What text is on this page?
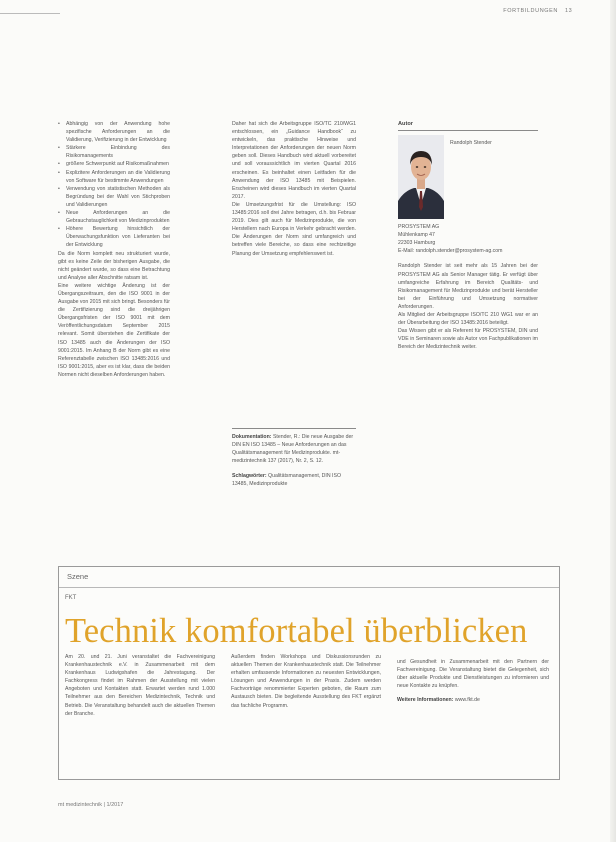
FORTBILDUNGEN 13
• Abhängig von der Anwendung hohe spezifische Anforderungen an die Validierung, Verifizierung in der Entwicklung
• Stärkere Einbindung des Risikomanagements
• größere Schwerpunkt auf Risikomaßnahmen
• Explizitere Anforderungen an die Validierung von Software für bestimmte Anwendungen
• Verwendung von statistischen Methoden als Begründung bei der Wahl von Stichproben und Validierungen
• Neue Anforderungen an die Gebrauchstauglichkeit von Medizinprodukten
• Höhere Bewertung hinsichtlich der Überwachungsfunktion von Lieferanten bei der Entwicklung

Da die Norm komplett neu strukturiert wurde, gibt es keine Zeile der bisherigen Ausgabe, die nicht geändert wurde, so dass eine Betrachtung und Analyse aller Abschnitte ratsam ist.

Eine weitere wichtige Änderung ist der Übergangszeitraum, den die ISO 9001 in der Ausgabe von 2015 mit sich bringt. Besonders für die Zertifizierung sind die dreijährigen Übergangsfristen der ISO 9001 mit dem Veröffentlichungsdatum September 2015 relevant. Somit überstehen die Zertifikate der ISO 13485 auch die Änderungen der ISO 9001:2015. Im Anhang B der Norm gibt es eine Referenztabelle zwischen ISO 13485:2016 und ISO 9001:2015, aber es ist klar, dass die beiden Normen nicht dieselben Anforderungen haben.

Daher hat sich die Arbeitsgruppe ISO/TC 210/WG1 entschlossen, ein „Guidance Handbook“ zu entwickeln, das praktische Hinweise und Interpretationen der Anforderungen der neuen Norm geben soll. Dieses Handbuch wird aktuell vorbereitet und soll voraussichtlich im vierten Quartal 2016 erscheinen. Es beinhaltet einen Leitfaden für die Anwendung der ISO 13485 mit Beispielen. Erscheinen wird dieses Handbuch im vierten Quartal 2017.

Die Umsetzungsfrist für die Umstellung: ISO 13485:2016 soll drei Jahre betragen, d.h. bis Februar 2019. Dies gilt auch für Medizinprodukte, die von Herstellern nach Europa in Verkehr gebracht werden. Die Änderungen der Norm sind umfangreich und betreffen viele Bereiche, so dass eine rechtzeitige Planung der Umsetzung empfehlenswert ist.

Dokumentation: Stender, R.: Die neue Ausgabe der DIN EN ISO 13485 – Neue Anforderungen an das Qualitätsmanagement für Medizinprodukte. mt-medizintechnik 137 (2017), Nr. 2, S. 12.
Schlagwörter: Qualitätsmanagement, DIN ISO 13485, Medizinprodukte
Autor
Randolph Stender
PROSYSTEM AG
Mühlenkamp 47
22303 Hamburg
E-Mail: randolph.stender@prosystem-ag.com

Randolph Stender ist seit mehr als 15 Jahren bei der PROSYSTEM AG als Senior Manager tätig. Er verfügt über umfangreiche Erfahrung im Bereich Qualitäts- und Risikomanagement für Medizinprodukte und berät Hersteller bei der Einführung und Umsetzung normativer Anforderungen.

Als Mitglied der Arbeitsgruppe ISO/TC 210 WG1 war er an der Überarbeitung der ISO 13485:2016 beteiligt.

Das Wissen gibt er als Referent für PROSYSTEM, DIN und VDE in Seminaren sowie als Autor von Fachpublikationen im Bereich der Medizintechnik weiter.

Szene
FKT
Technik komfortabel überblicken
Am 20. und 21. Juni veranstaltet die Fachvereinigung Krankenhaustechnik e.V. in Zusammenarbeit mit dem Krankenhaus Ludwigshafen die Jahrestagung. Der Fachkongress findet im Rahmen der Ausstellung mit vielen Angeboten und Kontakten statt. Erwartet werden rund 1.000 Teilnehmer aus den Bereichen Medizintechnik, Technik und Betrieb. Die Veranstaltung behandelt auch die aktuellen Themen der Branche.
Außerdem finden Workshops und Diskussionsrunden zu aktuellen Themen der Krankenhaustechnik statt. Die Teilnehmer erhalten umfassende Informationen zu neuesten Entwicklungen, Lösungen und Anwendungen in der Praxis. Zudem werden Fachvorträge renommierter Experten geboten, die Raum zum Austausch bieten. Die begleitende Ausstellung des FKT ergänzt das fachliche Programm.

und Gesundheit in Zusammenarbeit mit den Partnern der Fachvereinigung. Die Veranstaltung bietet die Gelegenheit, sich über aktuelle Produkte und Dienstleistungen zu informieren und neue Kontakte zu knüpfen.

Weitere Informationen: www.fkt.de

mt medizintechnik | 1/2017
